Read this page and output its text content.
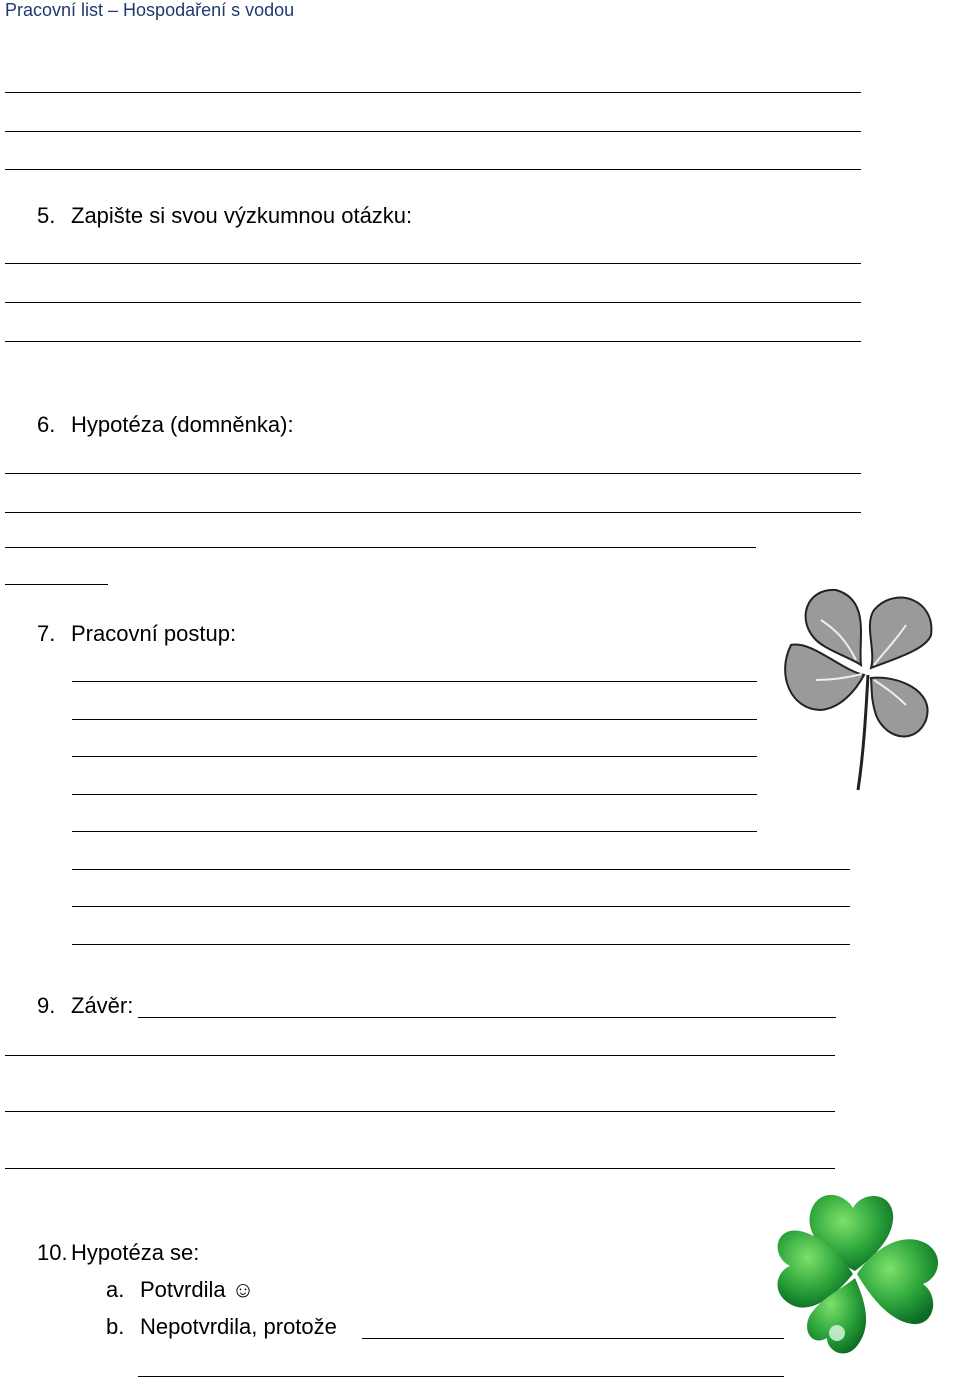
Pracovní list – Hospodaření s vodou
5. Zapište si svou výzkumnou otázku:
6. Hypotéza (domněnka):
7. Pracovní postup:
9. Závěr:
10. Hypotéza se:
a. Potvrdila ☺
b. Nepotvrdila, protože
